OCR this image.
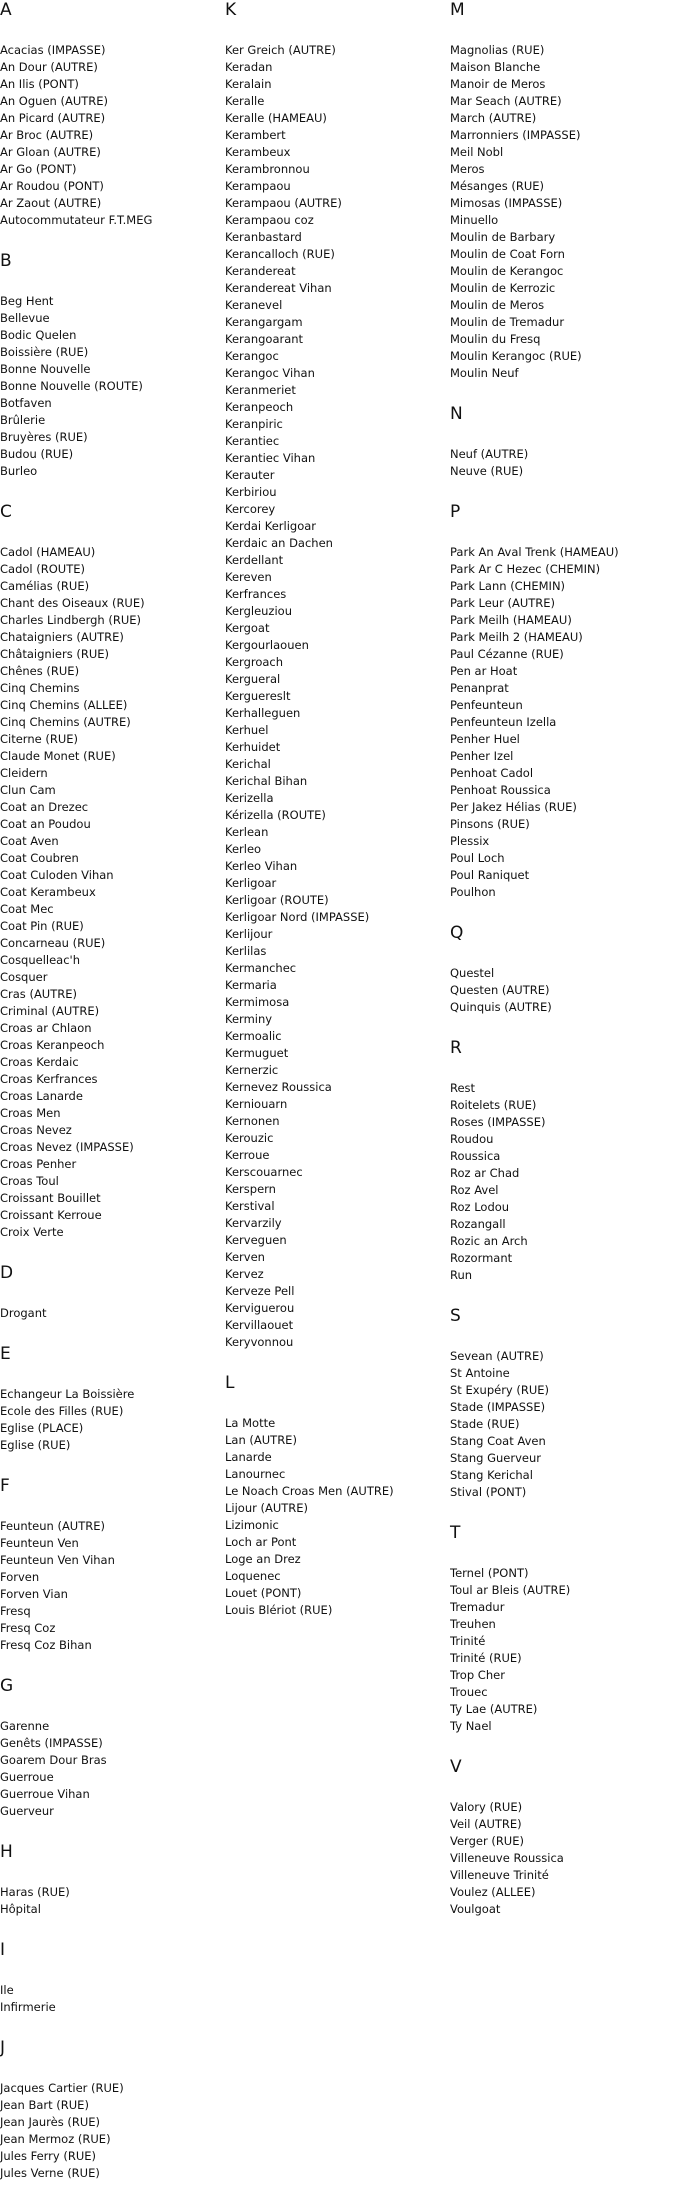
A
Acacias (IMPASSE)
An Dour (AUTRE)
An Ilis (PONT)
An Oguen (AUTRE)
An Picard (AUTRE)
Ar Broc (AUTRE)
Ar Gloan (AUTRE)
Ar Go (PONT)
Ar Roudou (PONT)
Ar Zaout (AUTRE)
Autocommutateur F.T.MEG
B
Beg Hent
Bellevue
Bodic Quelen
Boissière (RUE)
Bonne Nouvelle
Bonne Nouvelle (ROUTE)
Botfaven
Brûlerie
Bruyères (RUE)
Budou (RUE)
Burleo
C
Cadol (HAMEAU)
Cadol (ROUTE)
Camélias (RUE)
Chant des Oiseaux (RUE)
Charles Lindbergh (RUE)
Chataigniers (AUTRE)
Châtaigniers (RUE)
Chênes (RUE)
Cinq Chemins
Cinq Chemins (ALLEE)
Cinq Chemins (AUTRE)
Citerne (RUE)
Claude Monet (RUE)
Cleidern
Clun Cam
Coat an Drezec
Coat an Poudou
Coat Aven
Coat Coubren
Coat Culoden Vihan
Coat Kerambeux
Coat Mec
Coat Pin (RUE)
Concarneau (RUE)
Cosquelleac'h
Cosquer
Cras (AUTRE)
Criminal (AUTRE)
Croas ar Chlaon
Croas Keranpeoch
Croas Kerdaic
Croas Kerfrances
Croas Lanarde
Croas Men
Croas Nevez
Croas Nevez (IMPASSE)
Croas Penher
Croas Toul
Croissant Bouillet
Croissant Kerroue
Croix Verte
D
Drogant
E
Echangeur La Boissière
Ecole des Filles (RUE)
Eglise (PLACE)
Eglise (RUE)
F
Feunteun (AUTRE)
Feunteun Ven
Feunteun Ven Vihan
Forven
Forven Vian
Fresq
Fresq Coz
Fresq Coz Bihan
G
Garenne
Genêts (IMPASSE)
Goarem Dour Bras
Guerroue
Guerroue Vihan
Guerveur
H
Haras (RUE)
Hôpital
I
Ile
Infirmerie
J
Jacques Cartier (RUE)
Jean Bart (RUE)
Jean Jaurès (RUE)
Jean Mermoz (RUE)
Jules Ferry (RUE)
Jules Verne (RUE)
K
Ker Greich (AUTRE)
Keradan
Keralain
Keralle
Keralle (HAMEAU)
Kerambert
Kerambeux
Kerambronnou
Kerampaou
Kerampaou (AUTRE)
Kerampaou coz
Keranbastard
Kerancalloch (RUE)
Kerandereat
Kerandereat Vihan
Keranevel
Kerangargam
Kerangoarant
Kerangoc
Kerangoc Vihan
Keranmeriet
Keranpeoch
Keranpiric
Kerantiec
Kerantiec Vihan
Kerauter
Kerbiriou
Kercorey
Kerdai Kerligoar
Kerdaic an Dachen
Kerdellant
Kereven
Kerfrances
Kergleuziou
Kergoat
Kergourlaouen
Kergroach
Kergueral
Kerguereslt
Kerhalleguen
Kerhuel
Kerhuidet
Kerichal
Kerichal Bihan
Kerizella
Kérizella (ROUTE)
Kerlean
Kerleo
Kerleo Vihan
Kerligoar
Kerligoar (ROUTE)
Kerligoar Nord (IMPASSE)
Kerlijour
Kerlilas
Kermanchec
Kermaria
Kermimosa
Kerminy
Kermoalic
Kermuguet
Kernerzic
Kernevez Roussica
Kerniouarn
Kernonen
Kerouzic
Kerroue
Kerscouarnec
Kerspern
Kerstival
Kervarzily
Kerveguen
Kerven
Kervez
Kerveze Pell
Kerviguerou
Kervillaouet
Keryvonnou
L
La Motte
Lan (AUTRE)
Lanarde
Lanournec
Le Noach Croas Men (AUTRE)
Lijour (AUTRE)
Lizimonic
Loch ar Pont
Loge an Drez
Loquenec
Louet (PONT)
Louis Blériot (RUE)
M
Magnolias (RUE)
Maison Blanche
Manoir de Meros
Mar Seach (AUTRE)
March (AUTRE)
Marronniers (IMPASSE)
Meil Nobl
Meros
Mésanges (RUE)
Mimosas (IMPASSE)
Minuello
Moulin de Barbary
Moulin de Coat Forn
Moulin de Kerangoc
Moulin de Kerrozic
Moulin de Meros
Moulin de Tremadur
Moulin du Fresq
Moulin Kerangoc (RUE)
Moulin Neuf
N
Neuf (AUTRE)
Neuve (RUE)
P
Park An Aval Trenk (HAMEAU)
Park Ar C Hezec (CHEMIN)
Park Lann (CHEMIN)
Park Leur (AUTRE)
Park Meilh (HAMEAU)
Park Meilh 2 (HAMEAU)
Paul Cézanne (RUE)
Pen ar Hoat
Penanprat
Penfeunteun
Penfeunteun Izella
Penher Huel
Penher Izel
Penhoat Cadol
Penhoat Roussica
Per Jakez Hélias (RUE)
Pinsons (RUE)
Plessix
Poul Loch
Poul Raniquet
Poulhon
Q
Questel
Questen (AUTRE)
Quinquis (AUTRE)
R
Rest
Roitelets (RUE)
Roses (IMPASSE)
Roudou
Roussica
Roz ar Chad
Roz Avel
Roz Lodou
Rozangall
Rozic an Arch
Rozormant
Run
S
Sevean (AUTRE)
St Antoine
St Exupéry (RUE)
Stade (IMPASSE)
Stade (RUE)
Stang Coat Aven
Stang Guerveur
Stang Kerichal
Stival (PONT)
T
Ternel (PONT)
Toul ar Bleis (AUTRE)
Tremadur
Treuhen
Trinité
Trinité (RUE)
Trop Cher
Trouec
Ty Lae (AUTRE)
Ty Nael
V
Valory (RUE)
Veil (AUTRE)
Verger (RUE)
Villeneuve Roussica
Villeneuve Trinité
Voulez (ALLEE)
Voulgoat
